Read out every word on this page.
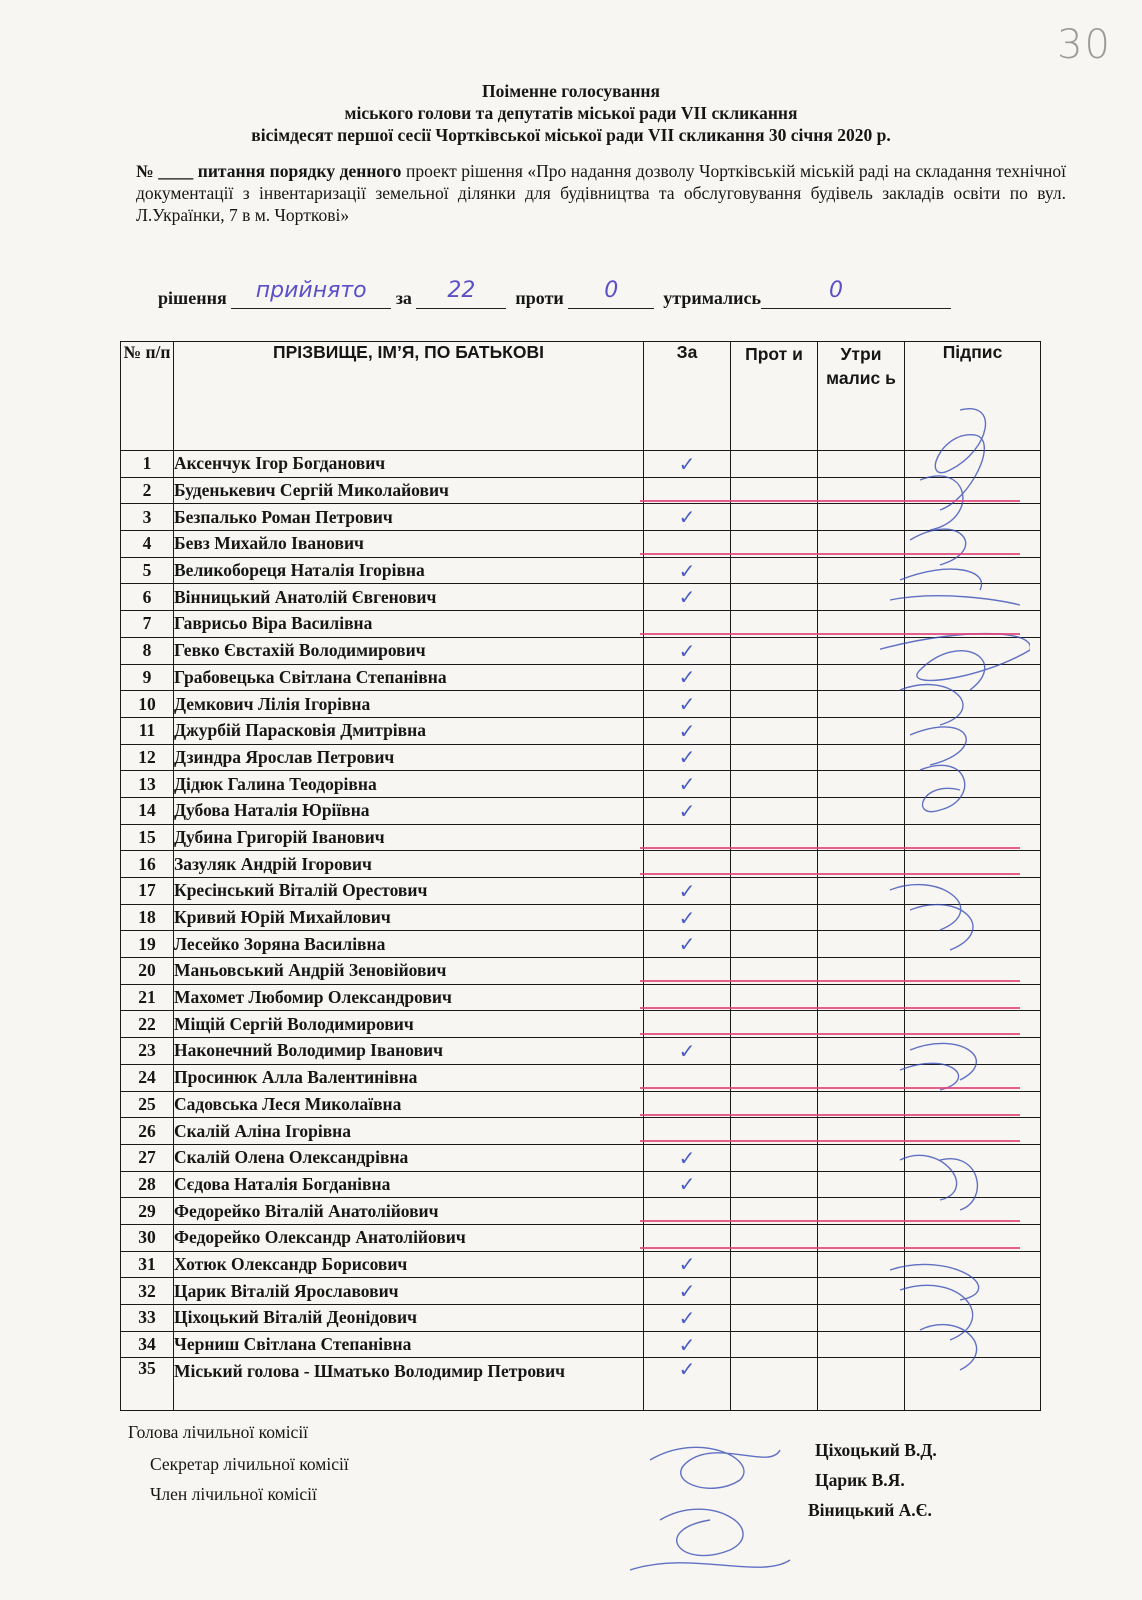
30
Поіменне голосування
міського голови та депутатів міської ради VІІ скликання
вісімдесят першої сесії Чортківської міської ради VІІ скликання 30 січня 2020 р.
№ ____ питання порядку денного проект рішення «Про надання дозволу Чортківській міській раді на складання технічної документації з інвентаризації земельної ділянки для будівництва та обслуговування будівель закладів освіти по вул. Л.Українки, 7 в м. Чорткові»
рішення	прийнято	за	22	проти	0	утримались	0
№ п/п	ПРІЗВИЩЕ, ІМ’Я, ПО БАТЬКОВІ	За	Прот и	Утри малис ь	Підпис
1	Аксенчук Ігор Богданович	✓			

2	Буденькевич Сергій Миколайович				
3	Безпалько Роман Петрович	✓			

4	Бевз Михайло Іванович				
5	Великобореця Наталія Ігорівна	✓			

6	Вінницький Анатолій Євгенович	✓			

7	Гаврисьо Віра Василівна				
8	Гевко Євстахій Володимирович	✓			

9	Грабовецька Світлана Степанівна	✓			

10	Демкович Лілія Ігорівна	✓			

11	Джурбій Парасковія Дмитрівна	✓			

12	Дзиндра Ярослав Петрович	✓			

13	Дідюк Галина Теодорівна	✓			

14	Дубова Наталія Юріївна	✓			

15	Дубина Григорій Іванович				
16	Зазуляк Андрій Ігорович				
17	Кресінський Віталій Орестович	✓			

18	Кривий Юрій Михайлович	✓			

19	Лесейко Зоряна Василівна	✓			

20	Маньовський Андрій Зеновійович				
21	Махомет Любомир Олександрович				
22	Міщій Сергій Володимирович				
23	Наконечний Володимир Іванович	✓			

24	Просинюк Алла Валентинівна				
25	Садовська Леся Миколаївна				
26	Скалій Аліна Ігорівна				
27	Скалій Олена Олександрівна	✓			

28	Сєдова Наталія Богданівна	✓			

29	Федорейко Віталій Анатолійович				
30	Федорейко Олександр Анатолійович				
31	Хотюк Олександр Борисович	✓			

32	Царик Віталій Ярославович	✓			

33	Ціхоцький Віталій Деонідович	✓			

34	Черниш Світлана Степанівна	✓			

35	Міський голова - Шматько Володимир Петрович	✓			

Голова лічильної комісії
Секретар лічильної комісії
Член лічильної комісії
Ціхоцький В.Д.
Царик В.Я.
Віницький А.Є.
